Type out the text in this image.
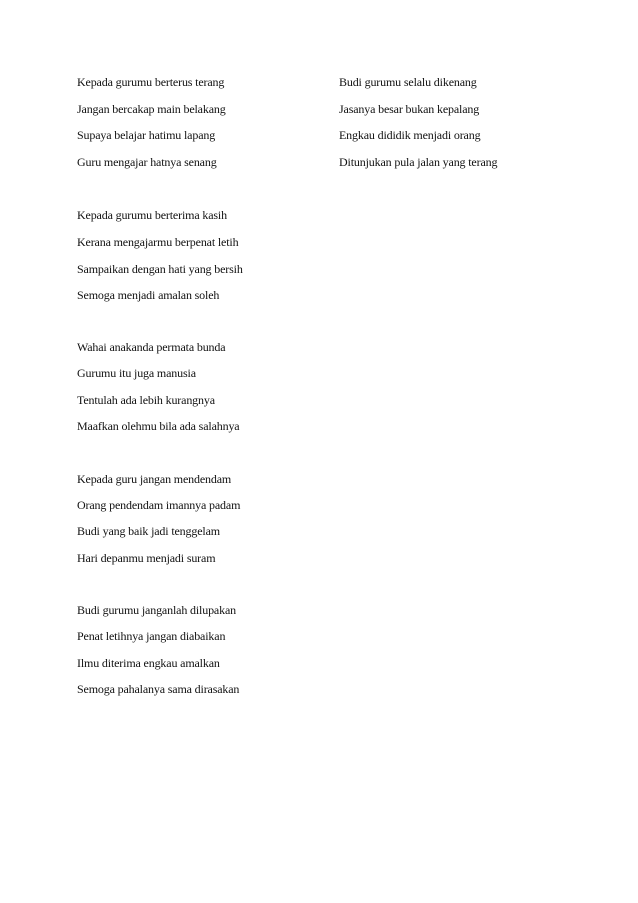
Kepada gurumu berterus terang

Jangan bercakap main belakang

Supaya belajar hatimu lapang

Guru mengajar hatnya senang

Budi gurumu selalu dikenang

Jasanya besar bukan kepalang

Engkau dididik menjadi orang

Ditunjukan pula jalan yang terang

Kepada gurumu berterima kasih

Kerana mengajarmu berpenat letih

Sampaikan dengan hati yang bersih

Semoga menjadi amalan soleh

Wahai anakanda permata bunda

Gurumu itu juga manusia

Tentulah ada lebih kurangnya

Maafkan olehmu bila ada salahnya

Kepada guru jangan mendendam

Orang pendendam imannya padam

Budi yang baik jadi tenggelam

Hari depanmu menjadi suram

Budi gurumu janganlah dilupakan

Penat letihnya jangan diabaikan

Ilmu diterima engkau amalkan

Semoga pahalanya sama dirasakan
